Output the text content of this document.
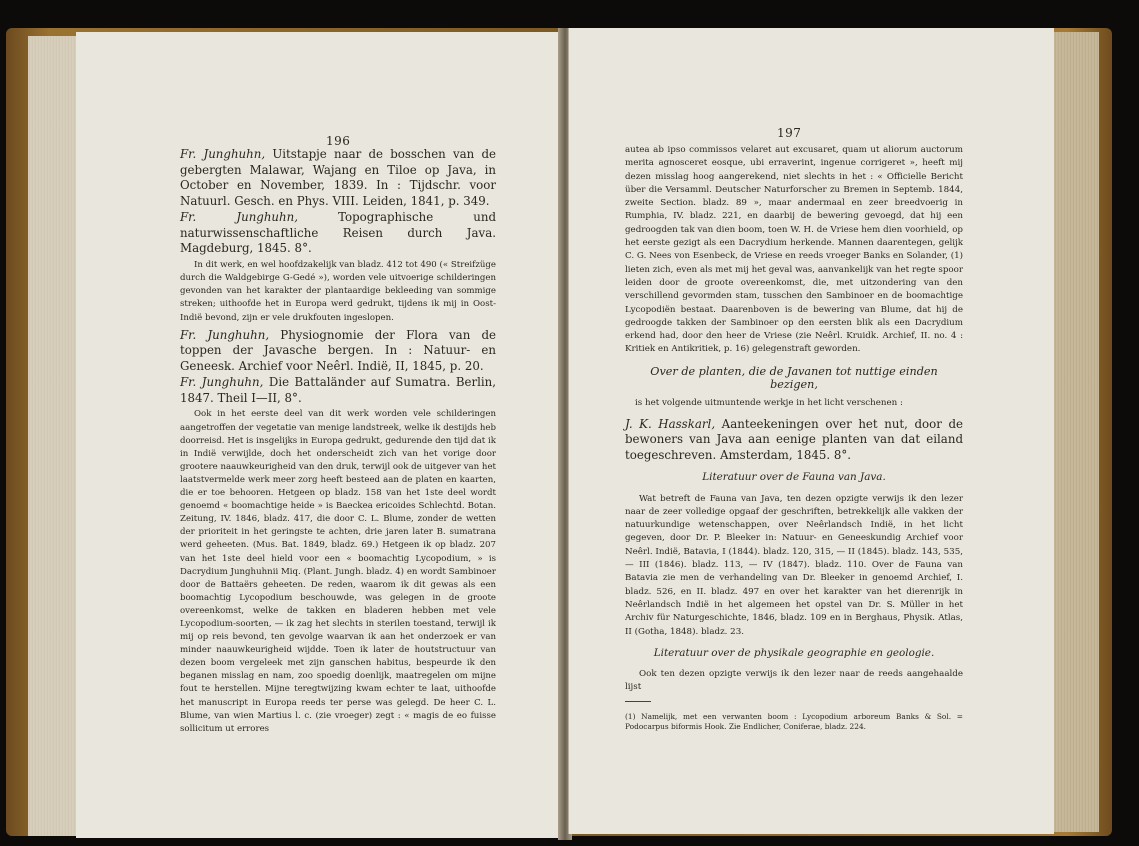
196

Fr. Junghuhn, Uitstapje naar de bosschen van de gebergten Malawar, Wajang en Tiloe op Java, in October en November, 1839. In : Tijdschr. voor Natuurl. Gesch. en Phys. VIII. Leiden, 1841, p. 349.

Fr. Junghuhn,	Topographische und naturwissenschaftliche Reisen durch Java. Magdeburg, 1845. 8°.

In dit werk, en wel hoofdzakelijk van bladz. 412 tot 490 (« Streifzüge durch die Waldgebirge G-Gedé »), worden vele uitvoerige schilderingen gevonden van het karakter der plantaardige bekleeding van sommige streken; uithoofde het in Europa werd gedrukt, tijdens ik mij in Oost-Indië bevond, zijn er vele drukfouten ingeslopen.

Fr. Junghuhn, Physiognomie der Flora van de toppen der Javasche bergen. In : Natuur- en Geneesk. Archief voor Neêrl. Indië, II, 1845, p. 20.

Fr. Junghuhn, Die Battaländer auf Sumatra. Berlin, 1847. Theil I—II, 8°.

Ook in het eerste deel van dit werk worden vele schilderingen aangetroffen der vegetatie van menige landstreek, welke ik destijds heb doorreisd. Het is insgelijks in Europa gedrukt, gedurende den tijd dat ik in Indië verwijlde, doch het onderscheidt zich van het vorige door grootere naauwkeurigheid van den druk, terwijl ook de uitgever van het laatstvermelde werk meer zorg heeft besteed aan de platen en kaarten, die er toe behooren. Hetgeen op bladz. 158 van het 1ste deel wordt genoemd « boomachtige heide » is Baeckea ericoides Schlechtd. Botan. Zeitung, IV. 1846, bladz. 417, die door C. L. Blume, zonder de wetten der prioriteit in het geringste te achten, drie jaren later B. sumatrana werd geheeten. (Mus. Bat. 1849, bladz. 69.) Hetgeen ik op bladz. 207 van het 1ste deel hield voor een « boomachtig Lycopodium, » is Dacrydium Junghuhnii Miq. (Plant. Jungh. bladz. 4) en wordt Sambinoer door de Battaërs geheeten. De reden, waarom ik dit gewas als een boomachtig Lycopodium beschouwde, was gelegen in de groote overeenkomst, welke de takken en bladeren hebben met vele Lycopodium-soorten, — ik zag het slechts in sterilen toestand, terwijl ik mij op reis bevond, ten gevolge waarvan ik aan het onderzoek er van minder naauwkeurigheid wijdde. Toen ik later de houtstructuur van dezen boom vergeleek met zijn ganschen habitus, bespeurde ik den beganen misslag en nam, zoo spoedig doenlijk, maatregelen om mijne fout te herstellen. Mijne teregtwijzing kwam echter te laat, uithoofde het manuscript in Europa reeds ter perse was gelegd. De heer C. L. Blume, van wien Martius l. c. (zie vroeger) zegt : « magis de eo fuisse sollicitum ut errores

197

autea ab ipso commissos velaret aut excusaret, quam ut aliorum auctorum merita agnosceret eosque, ubi erraverint, ingenue corrigeret », heeft mij dezen misslag hoog aangerekend, niet slechts in het : « Officielle Bericht über die Versamml. Deutscher Naturforscher zu Bremen in Septemb. 1844, zweite Section. bladz. 89 », maar andermaal en zeer breedvoerig in Rumphia, IV. bladz. 221, en daarbij de bewering gevoegd, dat hij een gedroogden tak van dien boom, toen W. H. de Vriese hem dien voorhield, op het eerste gezigt als een Dacrydium herkende. Mannen daarentegen, gelijk C. G. Nees von Esenbeck, de Vriese en reeds vroeger Banks en Solander, (1) lieten zich, even als met mij het geval was, aanvankelijk van het regte spoor leiden door de groote overeenkomst, die, met uitzondering van den verschillend gevormden stam, tusschen den Sambinoer en de boomachtige Lycopodiën bestaat. Daarenboven is de bewering van Blume, dat hij de gedroogde takken der Sambinoer op den eersten blik als een Dacrydium erkend had, door den heer de Vriese (zie Neêrl. Kruidk. Archief, II. no. 4 : Kritiek en Antikritiek, p. 16) gelegenstraft geworden.

Over de planten, die de Javanen tot nuttige einden bezigen,

is het volgende uitmuntende werkje in het licht verschenen :

J. K. Hasskarl, Aanteekeningen over het nut, door de bewoners van Java aan eenige planten van dat eiland toegeschreven. Amsterdam, 1845. 8°.

Literatuur over de Fauna van Java.

Wat betreft de Fauna van Java, ten dezen opzigte verwijs ik den lezer naar de zeer volledige opgaaf der geschriften, betrekkelijk alle vakken der natuurkundige wetenschappen, over Neêrlandsch Indië, in het licht gegeven, door Dr. P. Bleeker in: Natuur- en Geneeskundig Archief voor Neêrl. Indië, Batavia, I (1844). bladz. 120, 315, — II (1845). bladz. 143, 535, — III (1846). bladz. 113, — IV (1847). bladz. 110. Over de Fauna van Batavia zie men de verhandeling van Dr. Bleeker in genoemd Archief, I. bladz. 526, en II. bladz. 497 en over het karakter van het dierenrijk in Neêrlandsch Indië in het algemeen het opstel van Dr. S. Müller in het Archiv für Naturgeschichte, 1846, bladz. 109 en in Berghaus, Physik. Atlas, II (Gotha, 1848). bladz. 23.

Literatuur over de physikale geographie en geologie.

Ook ten dezen opzigte verwijs ik den lezer naar de reeds aangehaalde lijst

(1) Namelijk, met een verwanten boom : Lycopodium arboreum Banks & Sol. = Podocarpus biformis Hook. Zie Endlicher, Coniferae, bladz. 224.
